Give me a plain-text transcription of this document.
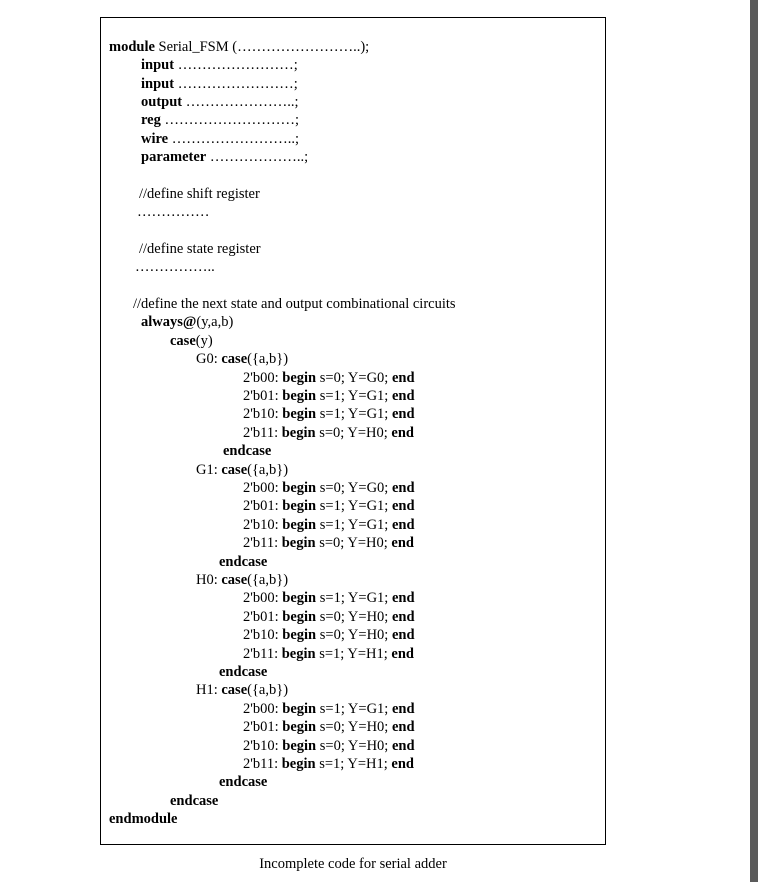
module Serial_FSM (……………………..);
input ……………………;
input ……………………;
output …………………..;
reg ………………………;
wire ……………………..;
parameter ………………..;
//define shift register
……………
//define state register
……………..
//define the next state and output combinational circuits
always@(y,a,b)
case(y)
G0: case({a,b})
2'b00: begin s=0; Y=G0; end
2'b01: begin s=1; Y=G1; end
2'b10: begin s=1; Y=G1; end
2'b11: begin s=0; Y=H0; end
endcase
G1: case({a,b})
2'b00: begin s=0; Y=G0; end
2'b01: begin s=1; Y=G1; end
2'b10: begin s=1; Y=G1; end
2'b11: begin s=0; Y=H0; end
endcase
H0: case({a,b})
2'b00: begin s=1; Y=G1; end
2'b01: begin s=0; Y=H0; end
2'b10: begin s=0; Y=H0; end
2'b11: begin s=1; Y=H1; end
endcase
H1: case({a,b})
2'b00: begin s=1; Y=G1; end
2'b01: begin s=0; Y=H0; end
2'b10: begin s=0; Y=H0; end
2'b11: begin s=1; Y=H1; end
endcase
endcase
endmodule
Incomplete code for serial adder
